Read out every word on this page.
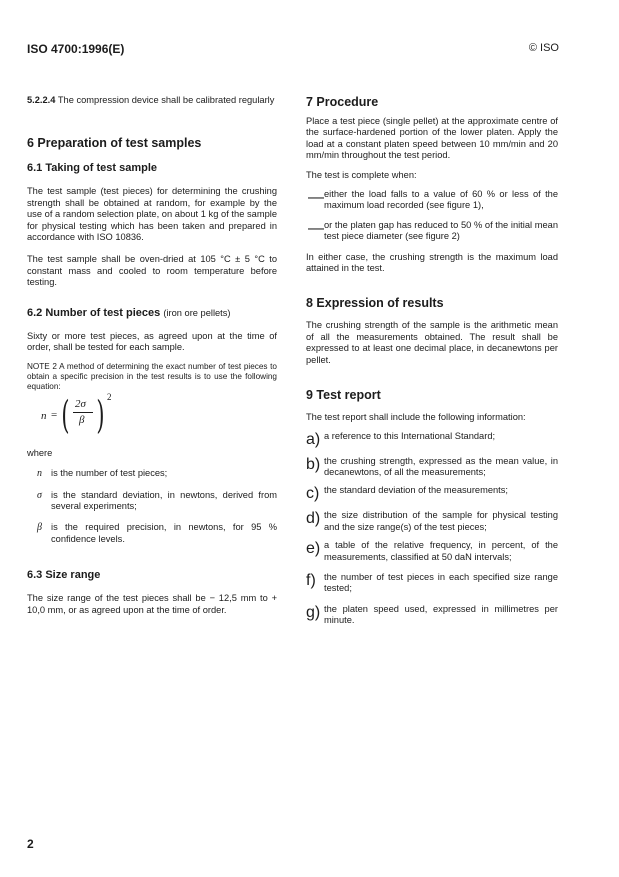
ISO 4700:1996(E)	© ISO

5.2.2.4 The compression device shall be calibrated regularly

6 Preparation of test samples
6.1 Taking of test sample

The test sample (test pieces) for determining the crushing strength shall be obtained at random, for example by the use of a random selection plate, on about 1 kg of the sample for physical testing which has been taken and prepared in accordance with ISO 10836.

The test sample shall be oven-dried at 105 °C ± 5 °C to constant mass and cooled to room temperature before testing.

6.2 Number of test pieces (iron ore pellets)

Sixty or more test pieces, as agreed upon at the time of order, shall be tested for each sample.

NOTE 2 A method of determining the exact number of test pieces to obtain a specific precision in the test results is to use the following equation:

n = ( 2σ
β ) 2

where

n is the number of test pieces;

σ is the standard deviation, in newtons, derived from several experiments;

β is the required precision, in newtons, for 95 % confidence levels.

6.3 Size range

The size range of the test pieces shall be − 12,5 mm to + 10,0 mm, or as agreed upon at the time of order.

7 Procedure

Place a test piece (single pellet) at the approximate centre of the surface-hardened portion of the lower platen. Apply the load at a constant platen speed between 10 mm/min and 20 mm/min throughout the test period.

The test is complete when:

— either the load falls to a value of 60 % or less of the maximum load recorded (see figure 1),

— or the platen gap has reduced to 50 % of the initial mean test piece diameter (see figure 2)

In either case, the crushing strength is the maximum load attained in the test.

8 Expression of results

The crushing strength of the sample is the arithmetic mean of all the measurements obtained. The result shall be expressed to at least one decimal place, in decanewtons per pellet.

9 Test report

The test report shall include the following information:

a) a reference to this International Standard;

b) the crushing strength, expressed as the mean value, in decanewtons, of all the measurements;

c) the standard deviation of the measurements;

d) the size distribution of the sample for physical testing and the size range(s) of the test pieces;

e) a table of the relative frequency, in percent, of the measurements, classified at 50 daN intervals;

f) the number of test pieces in each specified size range tested;

g) the platen speed used, expressed in millimetres per minute.

2
